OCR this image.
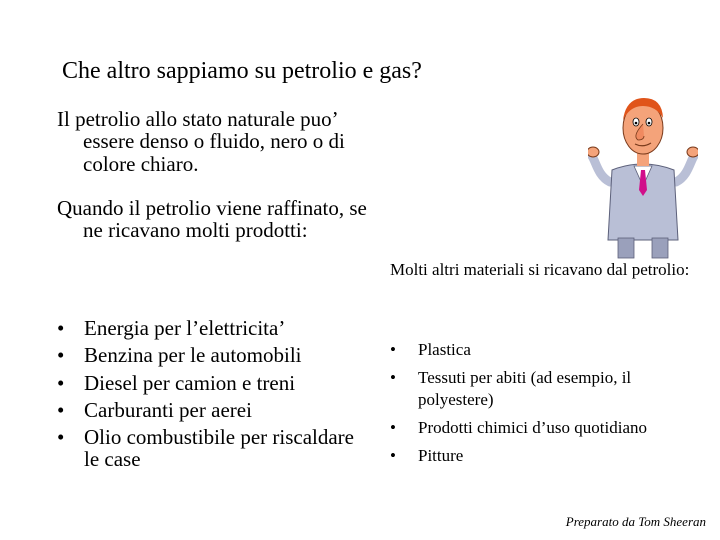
Che altro sappiamo su petrolio e gas?

Il petrolio allo stato naturale puo’ essere denso o fluido, nero o di colore chiaro.

Quando il petrolio viene raffinato, se ne ricavano molti prodotti:

• Energia per l’elettricita’
• Benzina per le automobili
• Diesel per camion e treni
• Carburanti per aerei
• Olio combustibile per riscaldare le case

Molti altri materiali si ricavano dal petrolio:

• Plastica
• Tessuti per abiti (ad esempio, il polyestere)
• Prodotti chimici d’uso quotidiano
• Pitture
Preparato da Tom Sheeran
